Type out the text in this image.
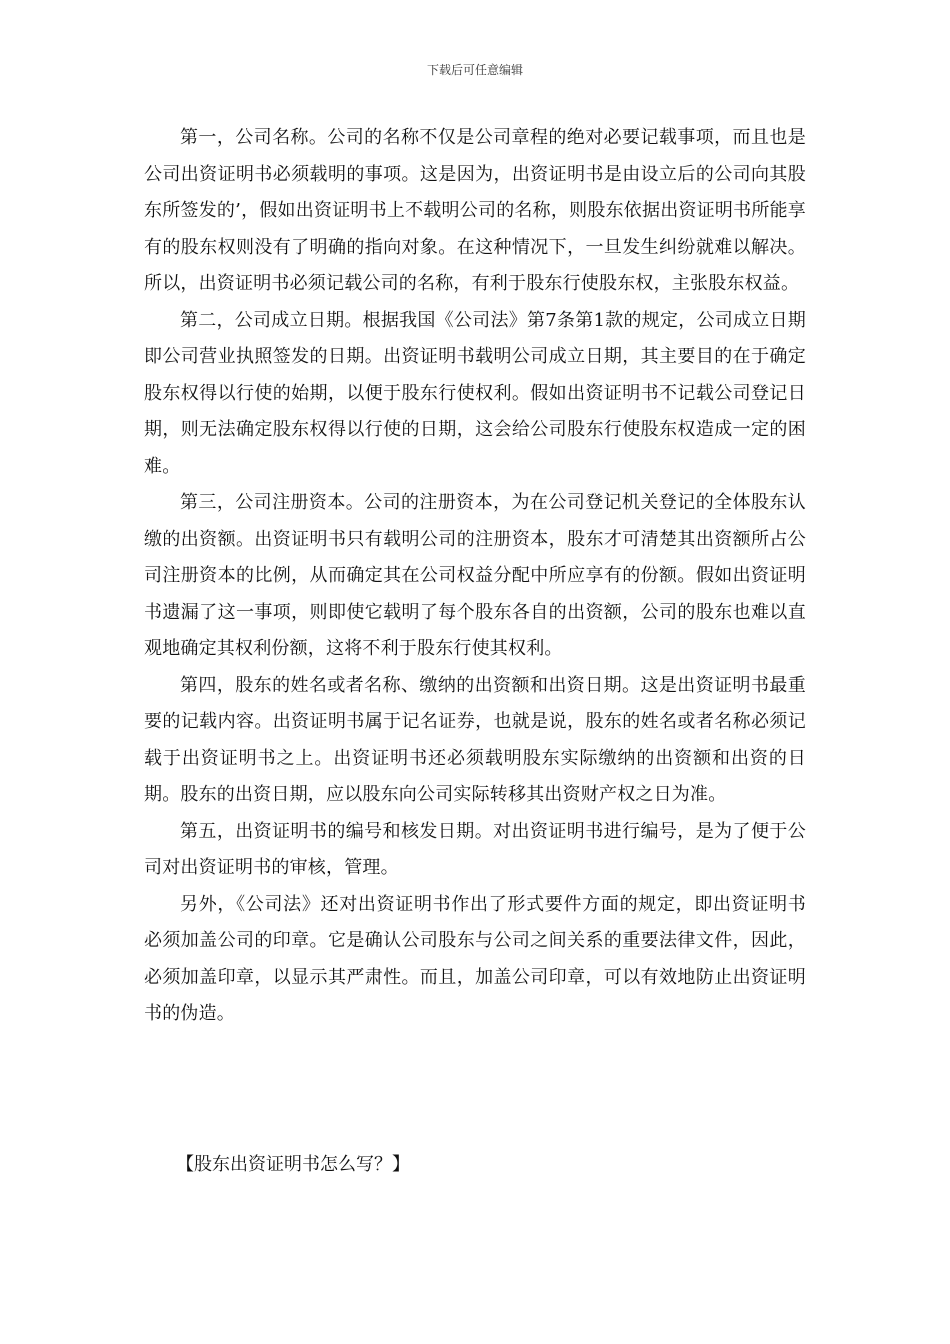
下载后可任意编辑

第一，公司名称。公司的名称不仅是公司章程的绝对必要记载事项，而且也是公司出资证明书必须载明的事项。这是因为，出资证明书是由设立后的公司向其股东所签发的’，假如出资证明书上不载明公司的名称，则股东依据出资证明书所能享有的股东权则没有了明确的指向对象。在这种情况下，一旦发生纠纷就难以解决。所以，出资证明书必须记载公司的名称，有利于股东行使股东权，主张股东权益。

第二，公司成立日期。根据我国《公司法》第7条第1款的规定，公司成立日期即公司营业执照签发的日期。出资证明书载明公司成立日期，其主要目的在于确定股东权得以行使的始期，以便于股东行使权利。假如出资证明书不记载公司登记日期，则无法确定股东权得以行使的日期，这会给公司股东行使股东权造成一定的困难。

第三，公司注册资本。公司的注册资本，为在公司登记机关登记的全体股东认缴的出资额。出资证明书只有载明公司的注册资本，股东才可清楚其出资额所占公司注册资本的比例，从而确定其在公司权益分配中所应享有的份额。假如出资证明书遗漏了这一事项，则即使它载明了每个股东各自的出资额，公司的股东也难以直观地确定其权利份额，这将不利于股东行使其权利。

第四，股东的姓名或者名称、缴纳的出资额和出资日期。这是出资证明书最重要的记载内容。出资证明书属于记名证券，也就是说，股东的姓名或者名称必须记载于出资证明书之上。出资证明书还必须载明股东实际缴纳的出资额和出资的日期。股东的出资日期，应以股东向公司实际转移其出资财产权之日为准。

第五，出资证明书的编号和核发日期。对出资证明书进行编号，是为了便于公司对出资证明书的审核，管理。

另外，《公司法》还对出资证明书作出了形式要件方面的规定，即出资证明书必须加盖公司的印章。它是确认公司股东与公司之间关系的重要法律文件，因此，必须加盖印章，以显示其严肃性。而且，加盖公司印章，可以有效地防止出资证明书的伪造。

【股东出资证明书怎么写？】
